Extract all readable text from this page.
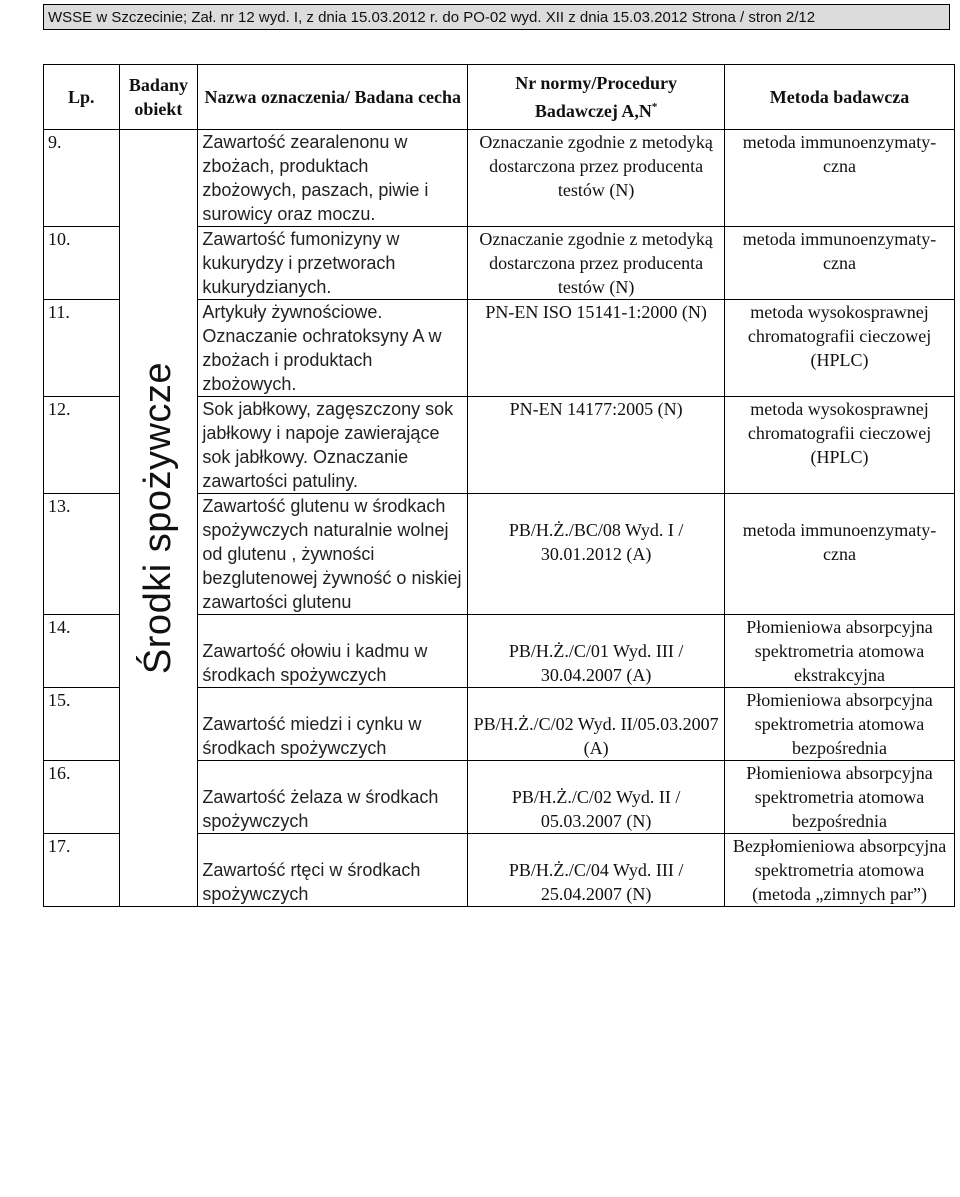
WSSE w Szczecinie; Zał. nr 12 wyd. I, z dnia 15.03.2012 r. do PO-02 wyd. XII z dnia 15.03.2012 Strona / stron 2/12
Lp.	Badany obiekt	Nazwa oznaczenia/ Badana cecha	Nr normy/Procedury Badawczej A,N*	Metoda badawcza
9.	Środki spożywcze	Zawartość zearalenonu w zbożach, produktach zbożowych, paszach, piwie i surowicy oraz moczu.	Oznaczanie zgodnie z metodyką dostarczona przez producenta testów (N)	metoda immunoenzymaty-czna
10.		Zawartość fumonizyny w kukurydzy i przetworach kukurydzianych.	Oznaczanie zgodnie z metodyką dostarczona przez producenta testów (N)	metoda immunoenzymaty-czna
11.		Artykuły żywnościowe. Oznaczanie ochratoksyny A w zbożach i produktach zbożowych.	PN-EN ISO 15141-1:2000 (N)	metoda wysokosprawnej chromatografii cieczowej (HPLC)
12.		Sok jabłkowy, zagęszczony sok jabłkowy i napoje zawierające sok jabłkowy. Oznaczanie zawartości patuliny.	PN-EN 14177:2005 (N)	metoda wysokosprawnej chromatografii cieczowej (HPLC)
13.		Zawartość glutenu w środkach spożywczych naturalnie wolnej od glutenu , żywności bezglutenowej żywność o niskiej zawartości glutenu	PB/H.Ż./BC/08 Wyd. I / 30.01.2012 (A)	metoda immunoenzymaty-czna
14.		Zawartość ołowiu i kadmu w środkach spożywczych	PB/H.Ż./C/01 Wyd. III / 30.04.2007 (A)	Płomieniowa absorpcyjna spektrometria atomowa ekstrakcyjna
15.		Zawartość miedzi i cynku w środkach spożywczych	PB/H.Ż./C/02 Wyd. II/05.03.2007 (A)	Płomieniowa absorpcyjna spektrometria atomowa bezpośrednia
16.		Zawartość żelaza w środkach spożywczych	PB/H.Ż./C/02 Wyd. II / 05.03.2007 (N)	Płomieniowa absorpcyjna spektrometria atomowa bezpośrednia
17.		Zawartość rtęci w środkach spożywczych	PB/H.Ż./C/04 Wyd. III / 25.04.2007 (N)	Bezpłomieniowa absorpcyjna spektrometria atomowa (metoda „zimnych par”)
